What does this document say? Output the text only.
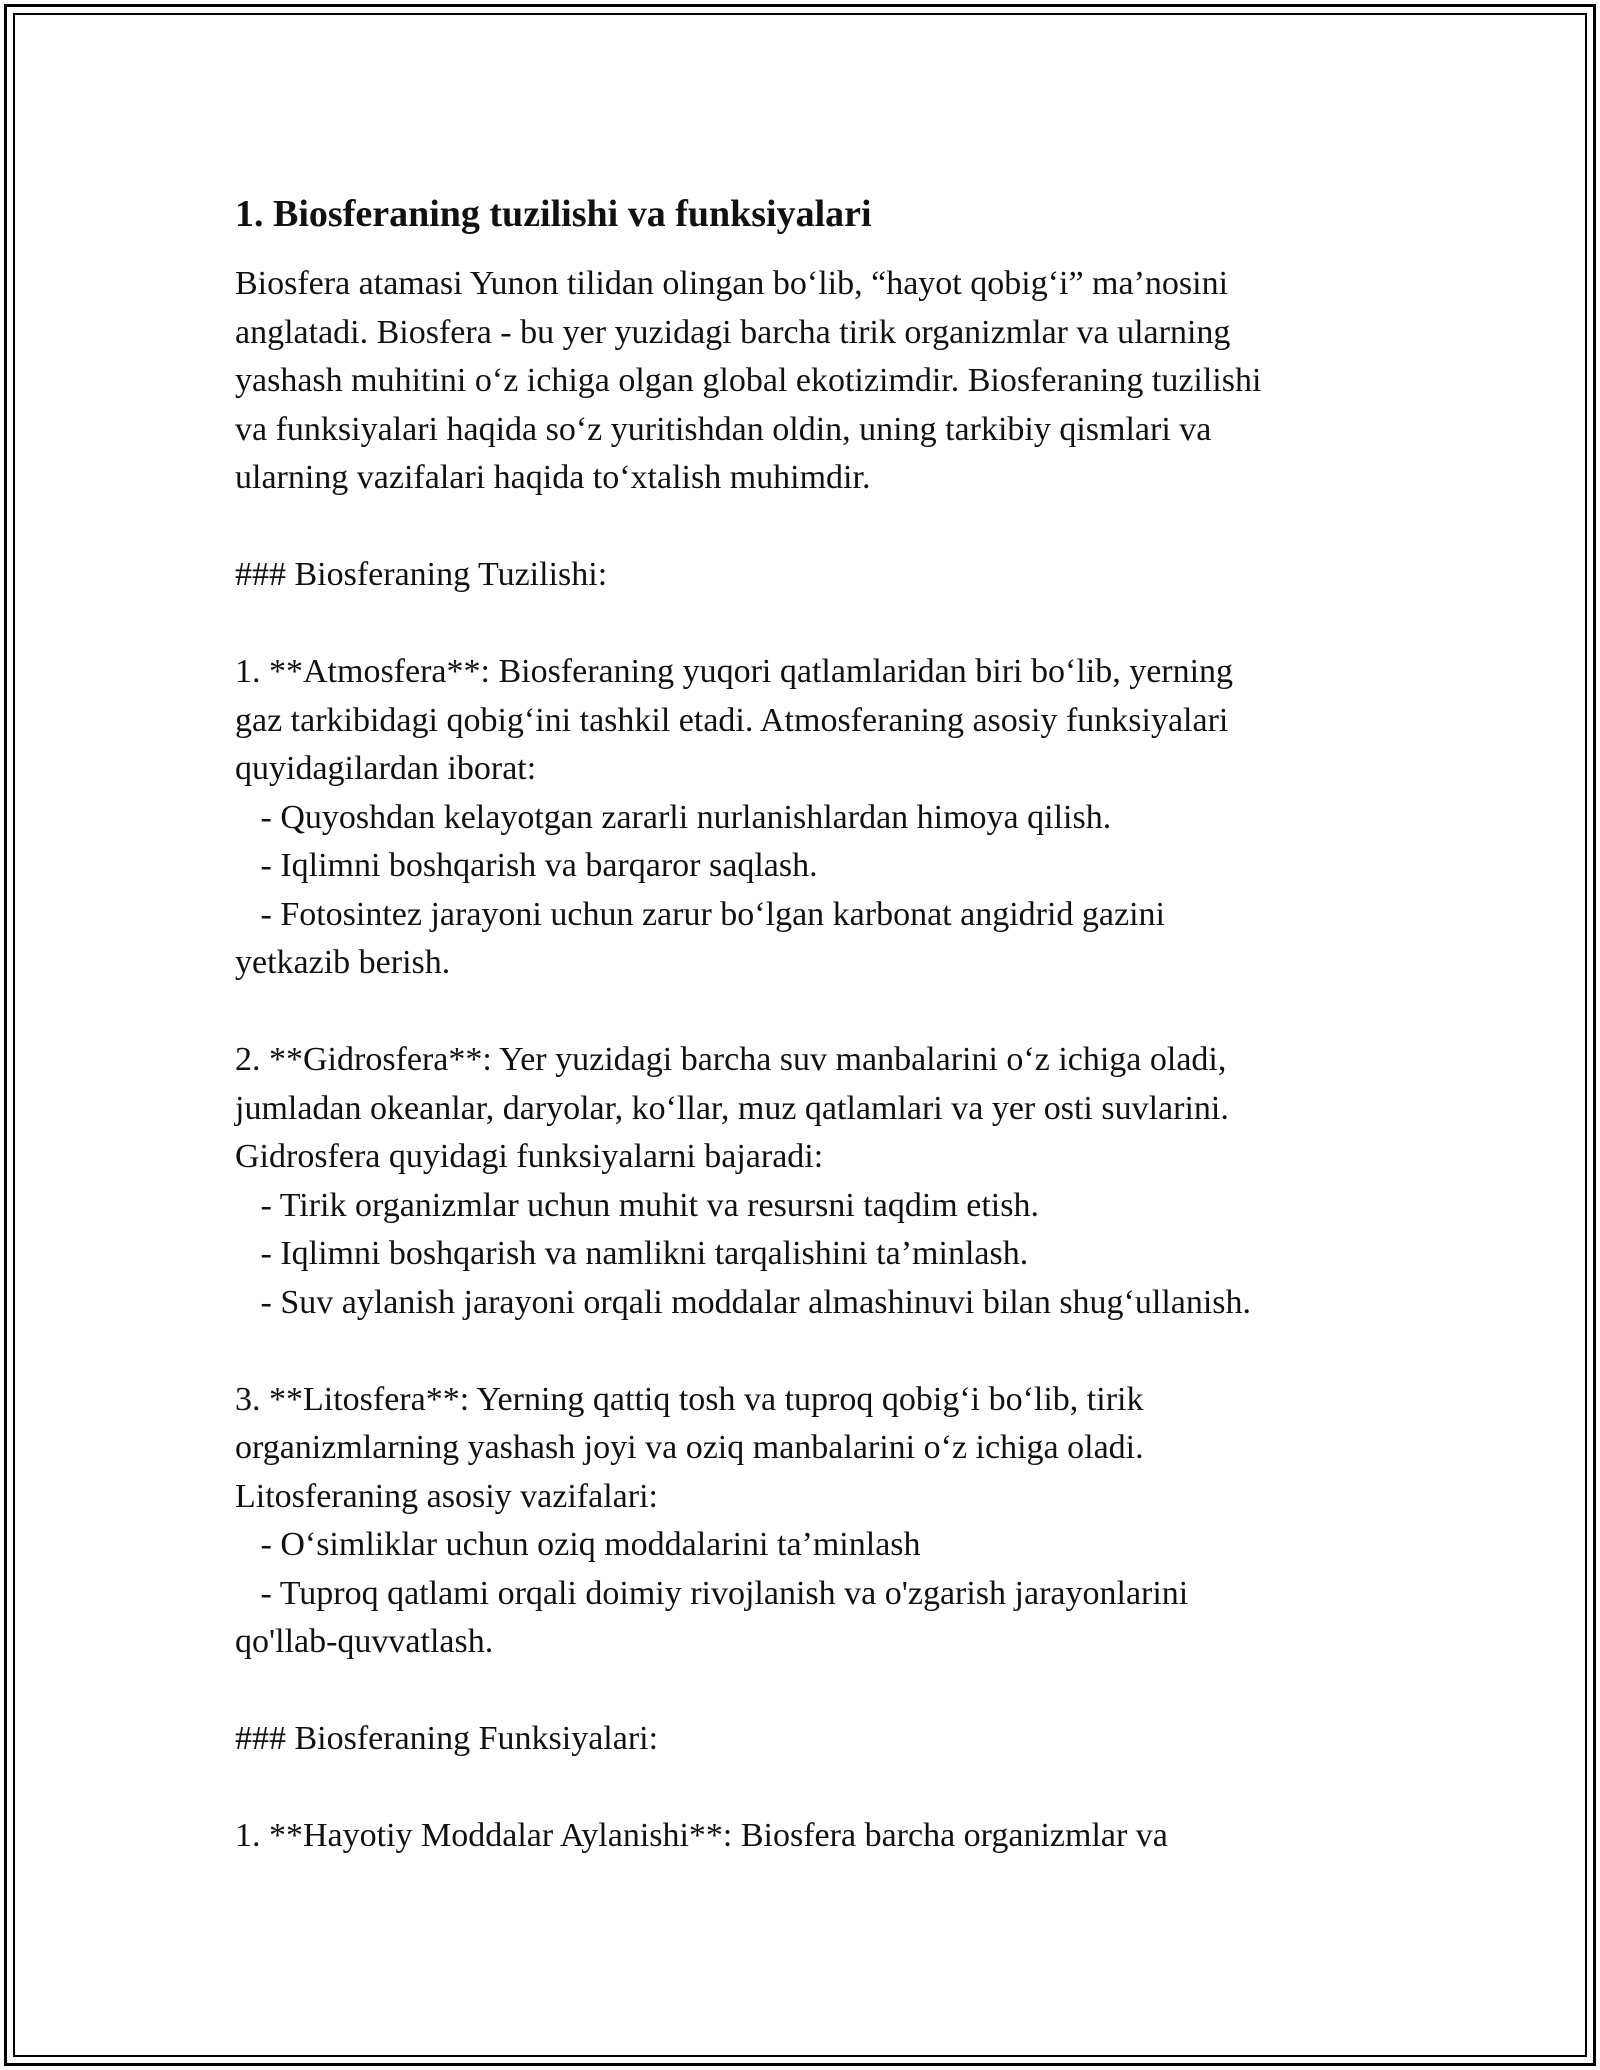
1. Biosferaning tuzilishi va funksiyalari

Biosfera atamasi Yunon tilidan olingan bo‘lib, “hayot qobig‘i” ma’nosini
anglatadi. Biosfera - bu yer yuzidagi barcha tirik organizmlar va ularning
yashash muhitini o‘z ichiga olgan global ekotizimdir. Biosferaning tuzilishi
va funksiyalari haqida so‘z yuritishdan oldin, uning tarkibiy qismlari va
ularning vazifalari haqida to‘xtalish muhimdir.

### Biosferaning Tuzilishi:

1. **Atmosfera**: Biosferaning yuqori qatlamlaridan biri bo‘lib, yerning
gaz tarkibidagi qobig‘ini tashkil etadi. Atmosferaning asosiy funksiyalari
quyidagilardan iborat:
- Quyoshdan kelayotgan zararli nurlanishlardan himoya qilish.
- Iqlimni boshqarish va barqaror saqlash.
- Fotosintez jarayoni uchun zarur bo‘lgan karbonat angidrid gazini
yetkazib berish.

2. **Gidrosfera**: Yer yuzidagi barcha suv manbalarini o‘z ichiga oladi,
jumladan okeanlar, daryolar, ko‘llar, muz qatlamlari va yer osti suvlarini.
Gidrosfera quyidagi funksiyalarni bajaradi:
- Tirik organizmlar uchun muhit va resursni taqdim etish.
- Iqlimni boshqarish va namlikni tarqalishini ta’minlash.
- Suv aylanish jarayoni orqali moddalar almashinuvi bilan shug‘ullanish.

3. **Litosfera**: Yerning qattiq tosh va tuproq qobig‘i bo‘lib, tirik
organizmlarning yashash joyi va oziq manbalarini o‘z ichiga oladi.
Litosferaning asosiy vazifalari:
- O‘simliklar uchun oziq moddalarini ta’minlash
- Tuproq qatlami orqali doimiy rivojlanish va o'zgarish jarayonlarini
qo'llab-quvvatlash.

### Biosferaning Funksiyalari:

1. **Hayotiy Moddalar Aylanishi**: Biosfera barcha organizmlar va
